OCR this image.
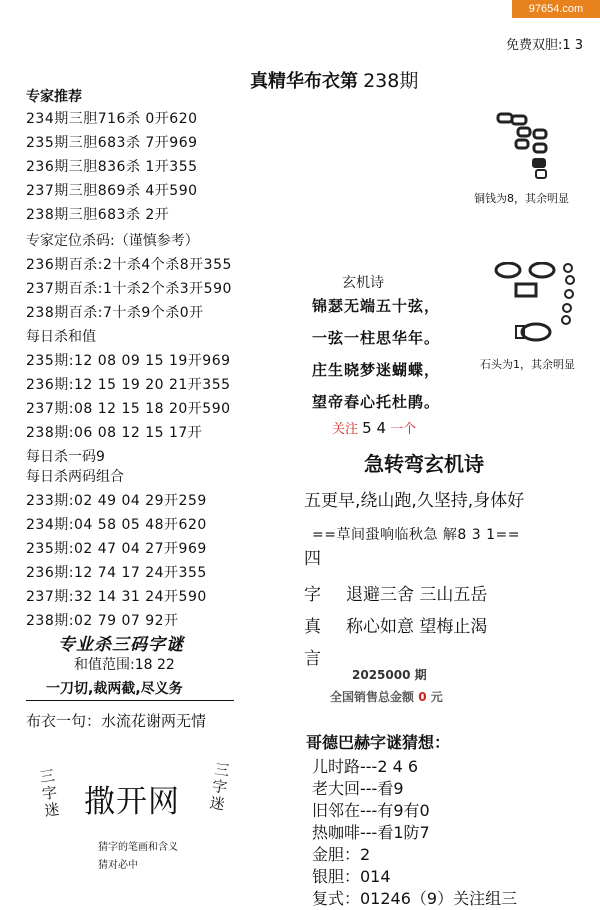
97654.com
免费双胆:1 3
真精华布衣第 238期
专家推荐
234期三胆716杀 0开620
235期三胆683杀 7开969
236期三胆836杀 1开355
237期三胆869杀 4开590
238期三胆683杀 2开
专家定位杀码:（谨慎参考）
236期百杀:2十杀4个杀8开355
237期百杀:1十杀2个杀3开590
238期百杀:7十杀9个杀0开
每日杀和值
235期:12 08 09 15 19开969
236期:12 15 19 20 21开355
237期:08 12 15 18 20开590
238期:06 08 12 15 17开
每日杀一码9
每日杀两码组合
233期:02 49 04 29开259
234期:04 58 05 48开620
235期:02 47 04 27开969
236期:12 74 17 24开355
237期:32 14 31 24开590
238期:02 79 07 92开
专业杀三码字谜
和值范围:18 22
一刀切,裁两截,尽义务
布衣一句：水流花谢两无情
三字迷 撒开网
三字迷
猜字的笔画和含义
猜对必中
铜钱为8，其余明显
石头为1，其余明显
玄机诗
锦瑟无端五十弦，
一弦一柱思华年。
庄生晓梦迷蝴蝶，
望帝春心托杜鹃。
关注 5 4 一个
急转弯玄机诗
五更早,绕山跑,久坚持,身体好
==草间蛩响临秋急 解8 3 1==
四
字
真
言
退避三舍 三山五岳
称心如意 望梅止渴
2025000 期
全国销售总金额 0 元
哥德巴赫字谜猜想：
儿时路---2 4 6
老大回---看9
旧邻在---有9有0
热咖啡---看1防7
金胆：2
银胆：014
复式：01246（9）关注组三
